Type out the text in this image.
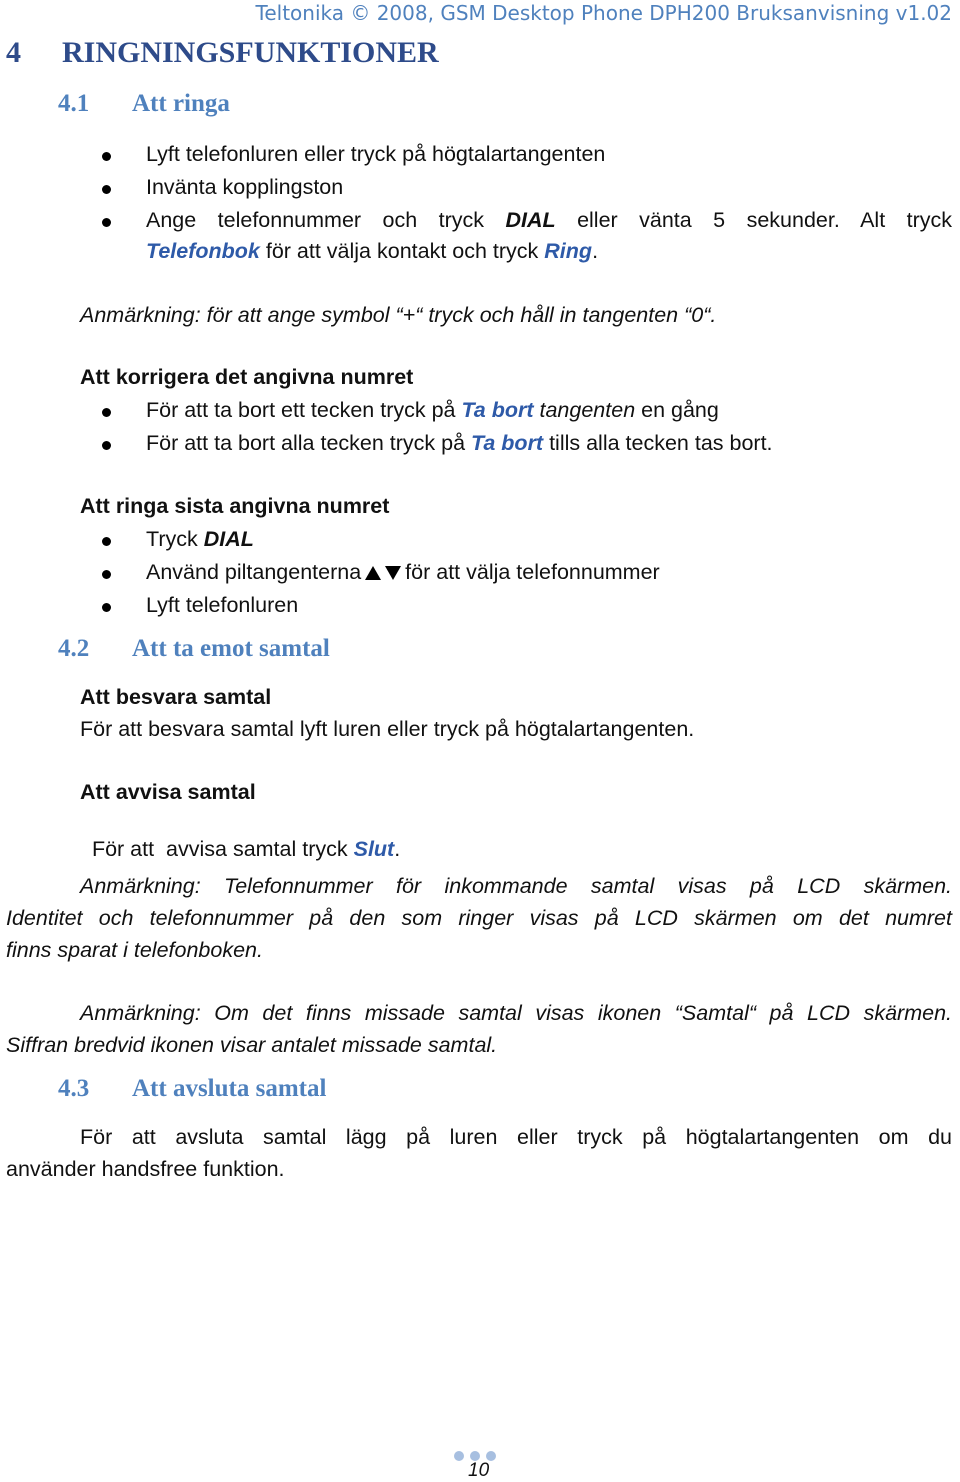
Teltonika © 2008, GSM Desktop Phone DPH200 Bruksanvisning v1.02
4 RINGNINGSFUNKTIONER
4.1 Att ringa
Lyft telefonluren eller tryck på högtalartangenten
Invänta kopplingston
Ange telefonnummer och tryck DIAL eller vänta 5 sekunder. Alt tryck
Telefonbok för att välja kontakt och tryck Ring.
Anmärkning: för att ange symbol “+“ tryck och håll in tangenten “0“.
Att korrigera det angivna numret
För att ta bort ett tecken tryck på Ta bort tangenten en gång
För att ta bort alla tecken tryck på Ta bort tills alla tecken tas bort.
Att ringa sista angivna numret
Tryck DIAL
Använd piltangenterna för att välja telefonnummer
Lyft telefonluren
4.2 Att ta emot samtal
Att besvara samtal
För att besvara samtal lyft luren eller tryck på högtalartangenten.
Att avvisa samtal

För att  avvisa samtal tryck Slut.

Anmärkning: Telefonnummer för inkommande samtal visas på LCD skärmen.
Identitet och telefonnummer på den som ringer visas på LCD skärmen om det numret
finns sparat i telefonboken.
Anmärkning: Om det finns missade samtal visas ikonen “Samtal“ på LCD skärmen.
Siffran bredvid ikonen visar antalet missade samtal.
4.3 Att avsluta samtal
För att avsluta samtal lägg på luren eller tryck på högtalartangenten om du
använder handsfree funktion.
10
